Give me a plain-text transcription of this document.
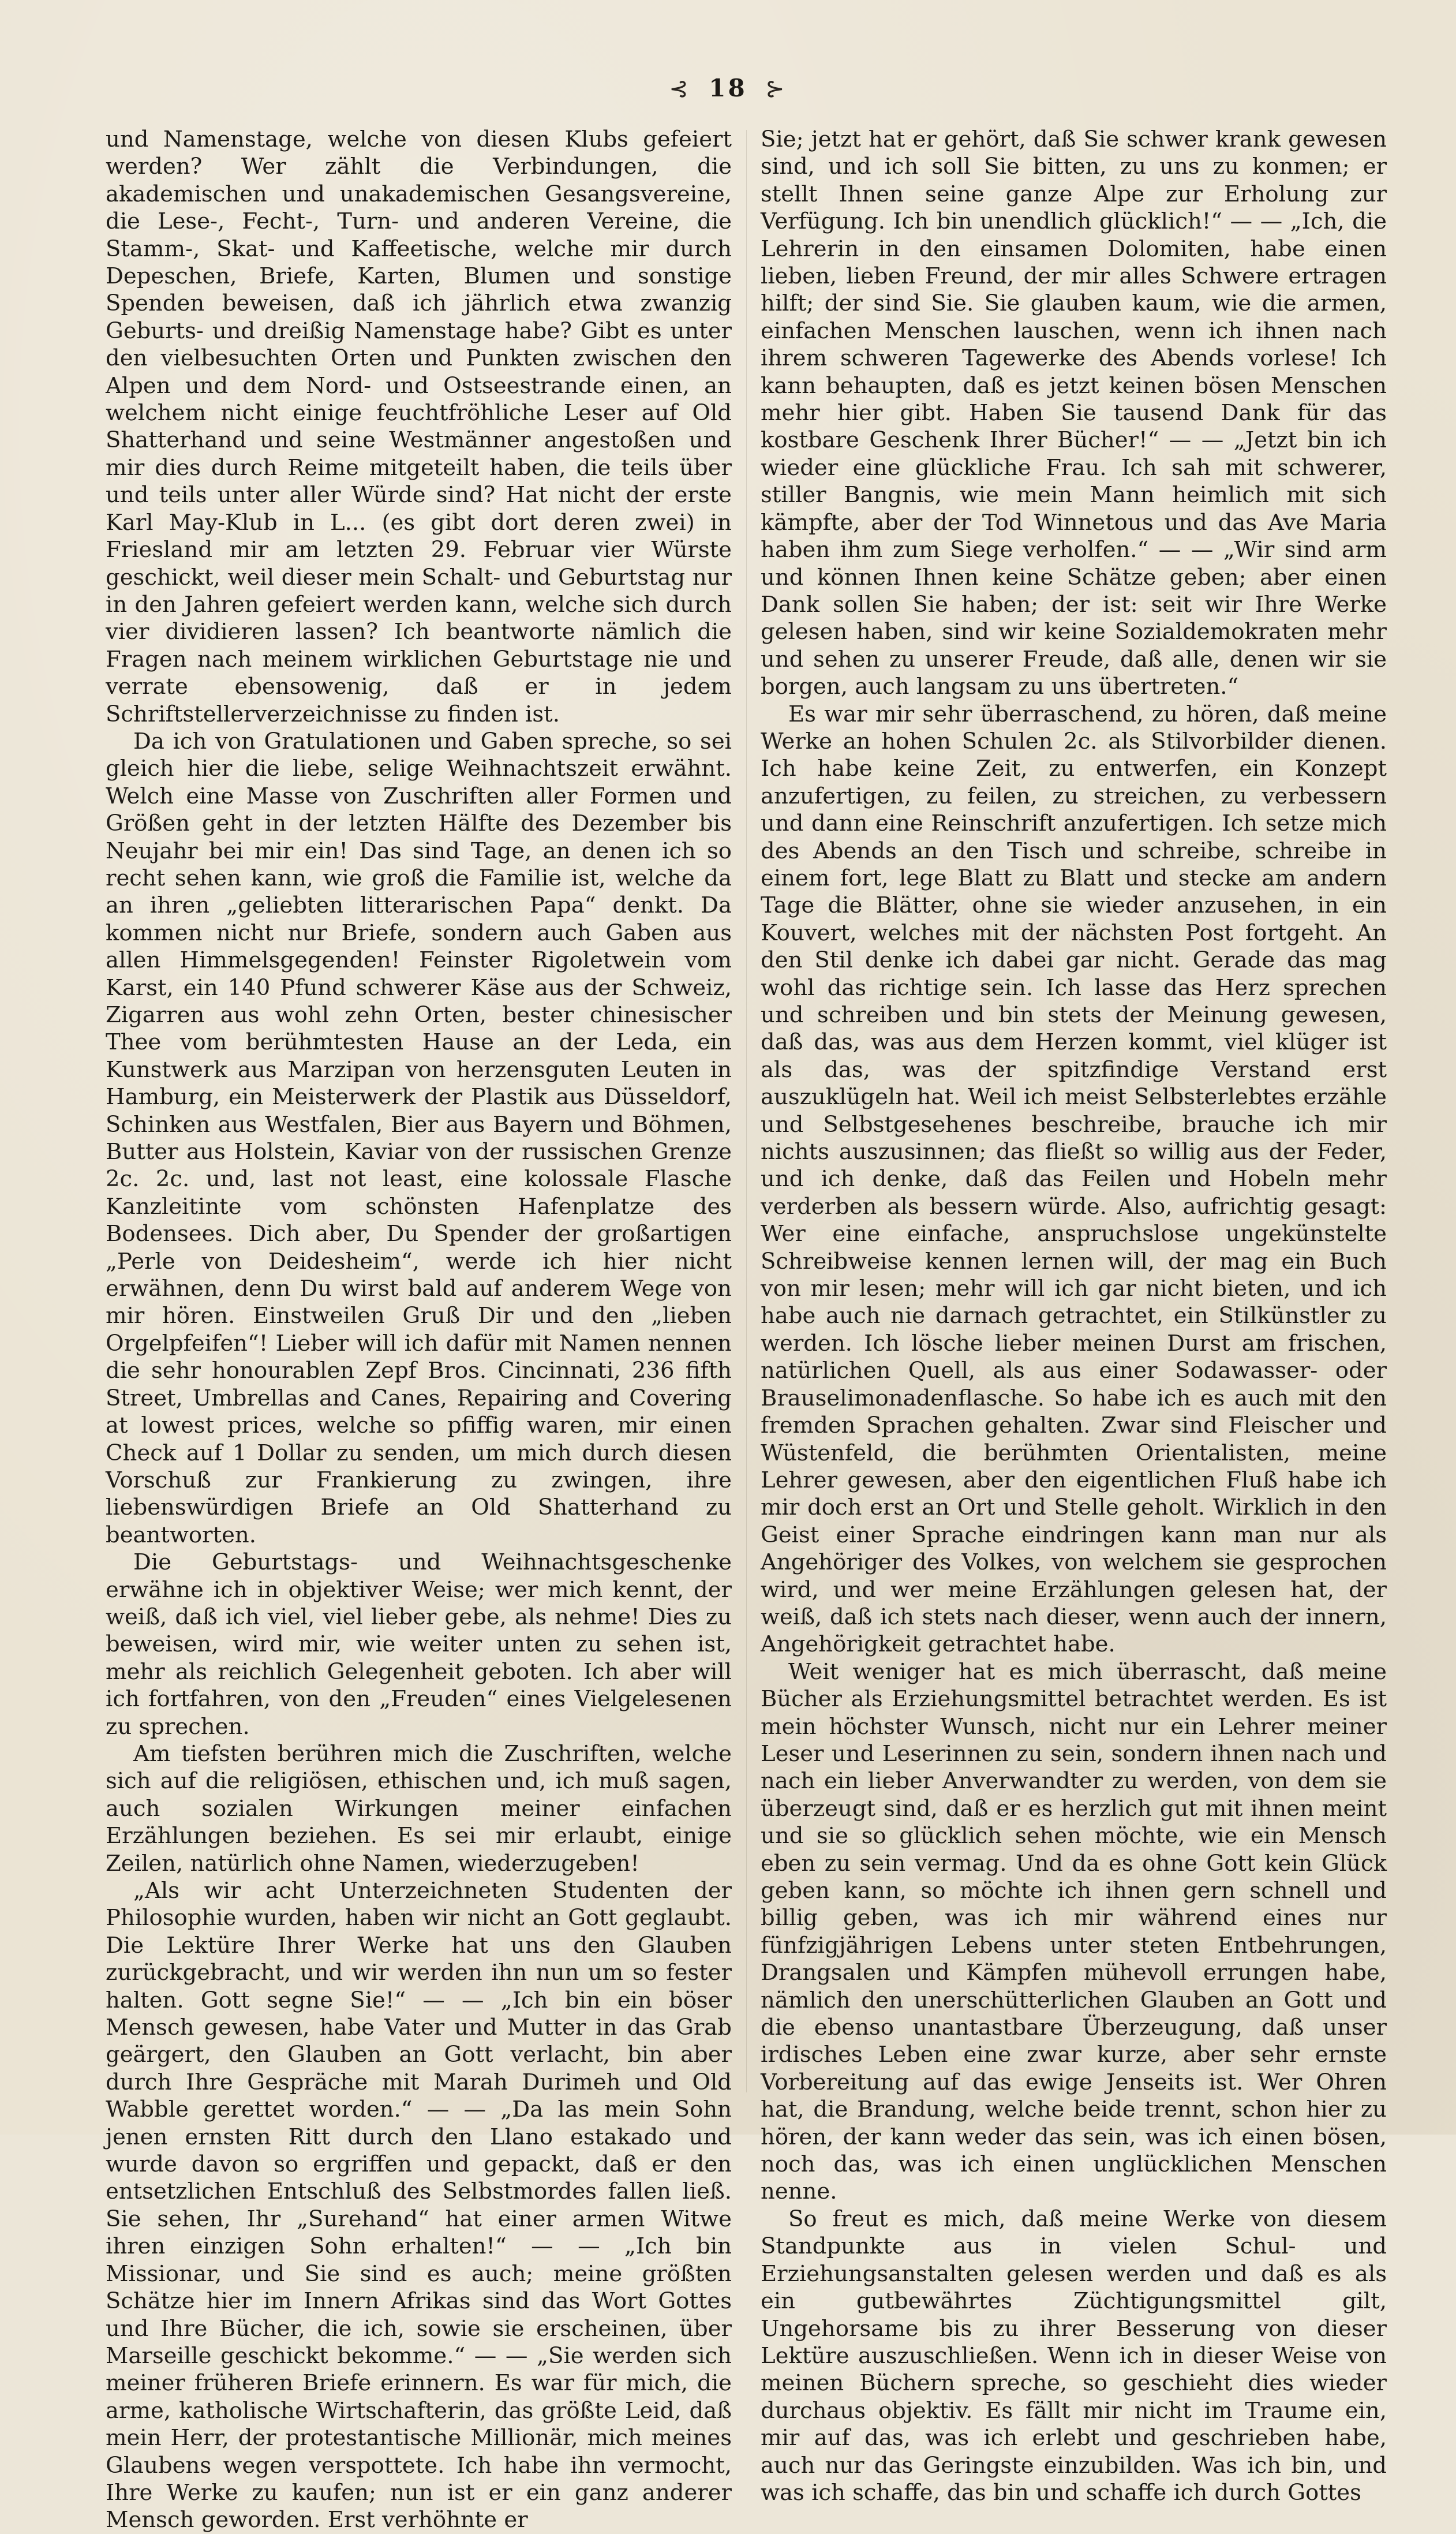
⊰ 18 ⊱

und Namenstage, welche von diesen Klubs gefeiert werden? Wer zählt die Verbindungen, die akademischen und unakademischen Gesangsvereine, die Lese-, Fecht-, Turn- und anderen Vereine, die Stamm-, Skat- und Kaffeetische, welche mir durch Depeschen, Briefe, Karten, Blumen und sonstige Spenden beweisen, daß ich jährlich etwa zwanzig Geburts- und dreißig Namenstage habe? Gibt es unter den vielbesuchten Orten und Punkten zwischen den Alpen und dem Nord- und Ostseestrande einen, an welchem nicht einige feuchtfröhliche Leser auf Old Shatterhand und seine Westmänner angestoßen und mir dies durch Reime mitgeteilt haben, die teils über und teils unter aller Würde sind? Hat nicht der erste Karl May-Klub in L... (es gibt dort deren zwei) in Friesland mir am letzten 29. Februar vier Würste geschickt, weil dieser mein Schalt- und Geburtstag nur in den Jahren gefeiert werden kann, welche sich durch vier dividieren lassen? Ich beantworte nämlich die Fragen nach meinem wirklichen Geburtstage nie und verrate ebensowenig, daß er in jedem Schriftstellerverzeichnisse zu finden ist.

Da ich von Gratulationen und Gaben spreche, so sei gleich hier die liebe, selige Weihnachtszeit erwähnt. Welch eine Masse von Zuschriften aller Formen und Größen geht in der letzten Hälfte des Dezember bis Neujahr bei mir ein! Das sind Tage, an denen ich so recht sehen kann, wie groß die Familie ist, welche da an ihren „geliebten litterarischen Papa“ denkt. Da kommen nicht nur Briefe, sondern auch Gaben aus allen Himmelsgegenden! Feinster Rigoletwein vom Karst, ein 140 Pfund schwerer Käse aus der Schweiz, Zigarren aus wohl zehn Orten, bester chinesischer Thee vom berühmtesten Hause an der Leda, ein Kunstwerk aus Marzipan von herzensguten Leuten in Hamburg, ein Meisterwerk der Plastik aus Düsseldorf, Schinken aus Westfalen, Bier aus Bayern und Böhmen, Butter aus Holstein, Kaviar von der russischen Grenze 2c. 2c. und, last not least, eine kolossale Flasche Kanzleitinte vom schönsten Hafenplatze des Bodensees. Dich aber, Du Spender der großartigen „Perle von Deidesheim“, werde ich hier nicht erwähnen, denn Du wirst bald auf anderem Wege von mir hören. Einstweilen Gruß Dir und den „lieben Orgelpfeifen“! Lieber will ich dafür mit Namen nennen die sehr honourablen Zepf Bros. Cincinnati, 236 fifth Street, Umbrellas and Canes, Repairing and Covering at lowest prices, welche so pfiffig waren, mir einen Check auf 1 Dollar zu senden, um mich durch diesen Vorschuß zur Frankierung zu zwingen, ihre liebenswürdigen Briefe an Old Shatterhand zu beantworten.

Die Geburtstags- und Weihnachtsgeschenke erwähne ich in objektiver Weise; wer mich kennt, der weiß, daß ich viel, viel lieber gebe, als nehme! Dies zu beweisen, wird mir, wie weiter unten zu sehen ist, mehr als reichlich Gelegenheit geboten. Ich aber will ich fortfahren, von den „Freuden“ eines Vielgelesenen zu sprechen.

Am tiefsten berühren mich die Zuschriften, welche sich auf die religiösen, ethischen und, ich muß sagen, auch sozialen Wirkungen meiner einfachen Erzählungen beziehen. Es sei mir erlaubt, einige Zeilen, natürlich ohne Namen, wiederzugeben!

„Als wir acht Unterzeichneten Studenten der Philosophie wurden, haben wir nicht an Gott geglaubt. Die Lektüre Ihrer Werke hat uns den Glauben zurückgebracht, und wir werden ihn nun um so fester halten. Gott segne Sie!“ — — „Ich bin ein böser Mensch gewesen, habe Vater und Mutter in das Grab geärgert, den Glauben an Gott verlacht, bin aber durch Ihre Gespräche mit Marah Durimeh und Old Wabble gerettet worden.“ — — „Da las mein Sohn jenen ernsten Ritt durch den Llano estakado und wurde davon so ergriffen und gepackt, daß er den entsetzlichen Entschluß des Selbstmordes fallen ließ. Sie sehen, Ihr „Surehand“ hat einer armen Witwe ihren einzigen Sohn erhalten!“ — — „Ich bin Missionar, und Sie sind es auch; meine größten Schätze hier im Innern Afrikas sind das Wort Gottes und Ihre Bücher, die ich, sowie sie erscheinen, über Marseille geschickt bekomme.“ — — „Sie werden sich meiner früheren Briefe erinnern. Es war für mich, die arme, katholische Wirtschafterin, das größte Leid, daß mein Herr, der protestantische Millionär, mich meines Glaubens wegen verspottete. Ich habe ihn vermocht, Ihre Werke zu kaufen; nun ist er ein ganz anderer Mensch geworden. Erst verhöhnte er

Sie; jetzt hat er gehört, daß Sie schwer krank gewesen sind, und ich soll Sie bitten, zu uns zu konmen; er stellt Ihnen seine ganze Alpe zur Erholung zur Verfügung. Ich bin unendlich glücklich!“ — — „Ich, die Lehrerin in den einsamen Dolomiten, habe einen lieben, lieben Freund, der mir alles Schwere ertragen hilft; der sind Sie. Sie glauben kaum, wie die armen, einfachen Menschen lauschen, wenn ich ihnen nach ihrem schweren Tagewerke des Abends vorlese! Ich kann behaupten, daß es jetzt keinen bösen Menschen mehr hier gibt. Haben Sie tausend Dank für das kostbare Geschenk Ihrer Bücher!“ — — „Jetzt bin ich wieder eine glückliche Frau. Ich sah mit schwerer, stiller Bangnis, wie mein Mann heimlich mit sich kämpfte, aber der Tod Winnetous und das Ave Maria haben ihm zum Siege verholfen.“ — — „Wir sind arm und können Ihnen keine Schätze geben; aber einen Dank sollen Sie haben; der ist: seit wir Ihre Werke gelesen haben, sind wir keine Sozialdemokraten mehr und sehen zu unserer Freude, daß alle, denen wir sie borgen, auch langsam zu uns übertreten.“

Es war mir sehr überraschend, zu hören, daß meine Werke an hohen Schulen 2c. als Stilvorbilder dienen. Ich habe keine Zeit, zu entwerfen, ein Konzept anzufertigen, zu feilen, zu streichen, zu verbessern und dann eine Reinschrift anzufertigen. Ich setze mich des Abends an den Tisch und schreibe, schreibe in einem fort, lege Blatt zu Blatt und stecke am andern Tage die Blätter, ohne sie wieder anzusehen, in ein Kouvert, welches mit der nächsten Post fortgeht. An den Stil denke ich dabei gar nicht. Gerade das mag wohl das richtige sein. Ich lasse das Herz sprechen und schreiben und bin stets der Meinung gewesen, daß das, was aus dem Herzen kommt, viel klüger ist als das, was der spitzfindige Verstand erst auszuklügeln hat. Weil ich meist Selbsterlebtes erzähle und Selbstgesehenes beschreibe, brauche ich mir nichts auszusinnen; das fließt so willig aus der Feder, und ich denke, daß das Feilen und Hobeln mehr verderben als bessern würde. Also, aufrichtig gesagt: Wer eine einfache, anspruchslose ungekünstelte Schreibweise kennen lernen will, der mag ein Buch von mir lesen; mehr will ich gar nicht bieten, und ich habe auch nie darnach getrachtet, ein Stilkünstler zu werden. Ich lösche lieber meinen Durst am frischen, natürlichen Quell, als aus einer Sodawasser- oder Brauselimonadenflasche. So habe ich es auch mit den fremden Sprachen gehalten. Zwar sind Fleischer und Wüstenfeld, die berühmten Orientalisten, meine Lehrer gewesen, aber den eigentlichen Fluß habe ich mir doch erst an Ort und Stelle geholt. Wirklich in den Geist einer Sprache eindringen kann man nur als Angehöriger des Volkes, von welchem sie gesprochen wird, und wer meine Erzählungen gelesen hat, der weiß, daß ich stets nach dieser, wenn auch der innern, Angehörigkeit getrachtet habe.

Weit weniger hat es mich überrascht, daß meine Bücher als Erziehungsmittel betrachtet werden. Es ist mein höchster Wunsch, nicht nur ein Lehrer meiner Leser und Leserinnen zu sein, sondern ihnen nach und nach ein lieber Anverwandter zu werden, von dem sie überzeugt sind, daß er es herzlich gut mit ihnen meint und sie so glücklich sehen möchte, wie ein Mensch eben zu sein vermag. Und da es ohne Gott kein Glück geben kann, so möchte ich ihnen gern schnell und billig geben, was ich mir während eines nur fünfzigjährigen Lebens unter steten Entbehrungen, Drangsalen und Kämpfen mühevoll errungen habe, nämlich den unerschütterlichen Glauben an Gott und die ebenso unantastbare Überzeugung, daß unser irdisches Leben eine zwar kurze, aber sehr ernste Vorbereitung auf das ewige Jenseits ist. Wer Ohren hat, die Brandung, welche beide trennt, schon hier zu hören, der kann weder das sein, was ich einen bösen, noch das, was ich einen unglücklichen Menschen nenne.

So freut es mich, daß meine Werke von diesem Standpunkte aus in vielen Schul- und Erziehungsanstalten gelesen werden und daß es als ein gutbewährtes Züchtigungsmittel gilt, Ungehorsame bis zu ihrer Besserung von dieser Lektüre auszuschließen. Wenn ich in dieser Weise von meinen Büchern spreche, so geschieht dies wieder durchaus objektiv. Es fällt mir nicht im Traume ein, mir auf das, was ich erlebt und geschrieben habe, auch nur das Geringste einzubilden. Was ich bin, und was ich schaffe, das bin und schaffe ich durch Gottes
